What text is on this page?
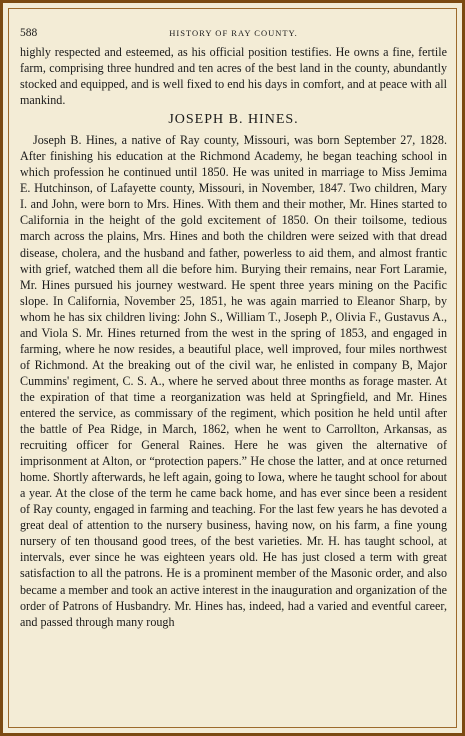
588	HISTORY OF RAY COUNTY.

highly respected and esteemed, as his official position testifies. He owns a fine, fertile farm, comprising three hundred and ten acres of the best land in the county, abundantly stocked and equipped, and is well fixed to end his days in comfort, and at peace with all mankind.

JOSEPH B. HINES.

Joseph B. Hines, a native of Ray county, Missouri, was born September 27, 1828. After finishing his education at the Richmond Academy, he began teaching school in which profession he continued until 1850. He was united in marriage to Miss Jemima E. Hutchinson, of Lafayette county, Missouri, in November, 1847. Two children, Mary I. and John, were born to Mrs. Hines. With them and their mother, Mr. Hines started to California in the height of the gold excitement of 1850. On their toilsome, tedious march across the plains, Mrs. Hines and both the children were seized with that dread disease, cholera, and the husband and father, powerless to aid them, and almost frantic with grief, watched them all die before him. Burying their remains, near Fort Laramie, Mr. Hines pursued his journey westward. He spent three years mining on the Pacific slope. In California, November 25, 1851, he was again married to Eleanor Sharp, by whom he has six children living: John S., William T., Joseph P., Olivia F., Gustavus A., and Viola S. Mr. Hines returned from the west in the spring of 1853, and engaged in farming, where he now resides, a beautiful place, well improved, four miles northwest of Richmond. At the breaking out of the civil war, he enlisted in company B, Major Cummins' regiment, C. S. A., where he served about three months as forage master. At the expiration of that time a reorganization was held at Springfield, and Mr. Hines entered the service, as commissary of the regiment, which position he held until after the battle of Pea Ridge, in March, 1862, when he went to Carrollton, Arkansas, as recruiting officer for General Raines. Here he was given the alternative of imprisonment at Alton, or “protection papers.” He chose the latter, and at once returned home. Shortly afterwards, he left again, going to Iowa, where he taught school for about a year. At the close of the term he came back home, and has ever since been a resident of Ray county, engaged in farming and teaching. For the last few years he has devoted a great deal of attention to the nursery business, having now, on his farm, a fine young nursery of ten thousand good trees, of the best varieties. Mr. H. has taught school, at intervals, ever since he was eighteen years old. He has just closed a term with great satisfaction to all the patrons. He is a prominent member of the Masonic order, and also became a member and took an active interest in the inauguration and organization of the order of Patrons of Husbandry. Mr. Hines has, indeed, had a varied and eventful career, and passed through many rough
